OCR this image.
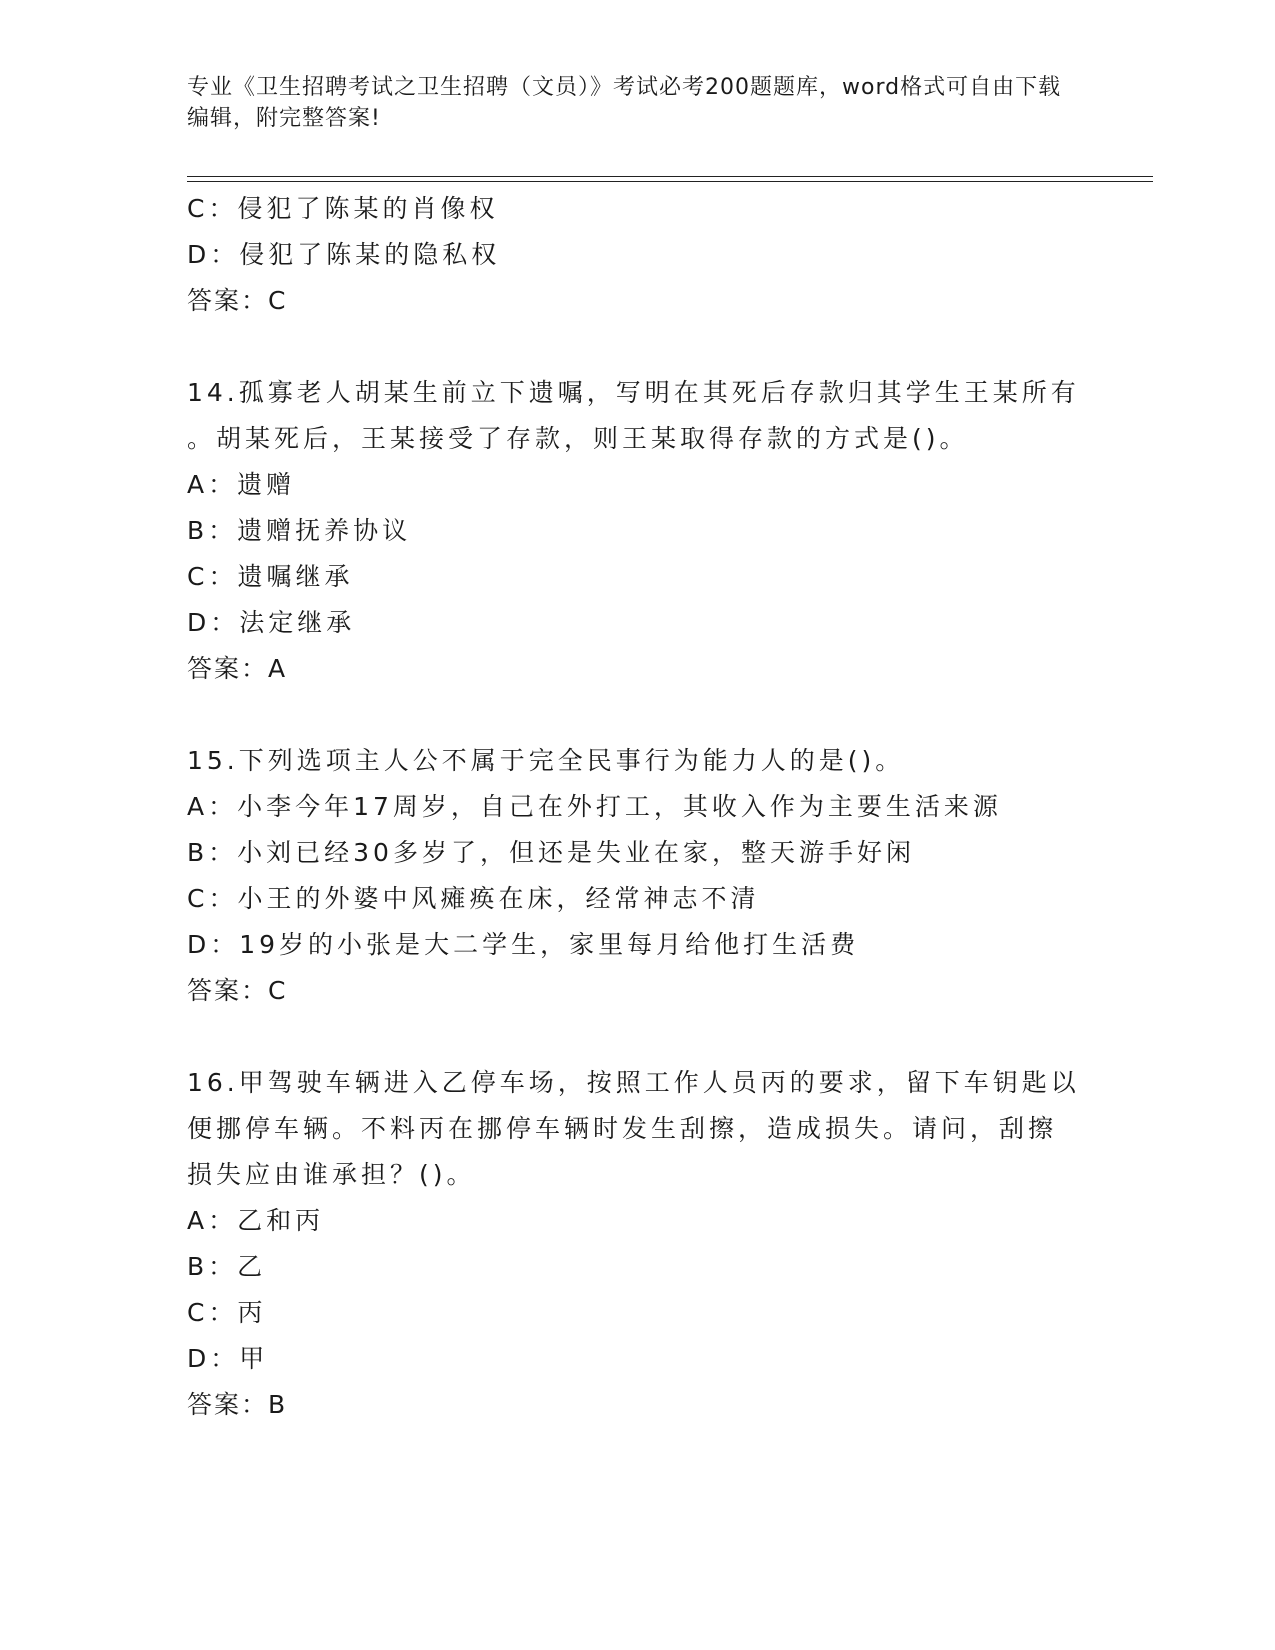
专业《卫生招聘考试之卫生招聘（文员）》考试必考200题题库，word格式可自由下载编辑，附完整答案!
C：侵犯了陈某的肖像权
D：侵犯了陈某的隐私权
答案：C
14.孤寡老人胡某生前立下遗嘱，写明在其死后存款归其学生王某所有
。胡某死后，王某接受了存款，则王某取得存款的方式是()。
A：遗赠
B：遗赠抚养协议
C：遗嘱继承
D：法定继承
答案：A
15.下列选项主人公不属于完全民事行为能力人的是()。
A：小李今年17周岁，自己在外打工，其收入作为主要生活来源
B：小刘已经30多岁了，但还是失业在家，整天游手好闲
C：小王的外婆中风瘫痪在床，经常神志不清
D：19岁的小张是大二学生，家里每月给他打生活费
答案：C
16.甲驾驶车辆进入乙停车场，按照工作人员丙的要求，留下车钥匙以
便挪停车辆。不料丙在挪停车辆时发生刮擦，造成损失。请问，刮擦
损失应由谁承担？()。
A：乙和丙
B：乙
C：丙
D：甲
答案：B
